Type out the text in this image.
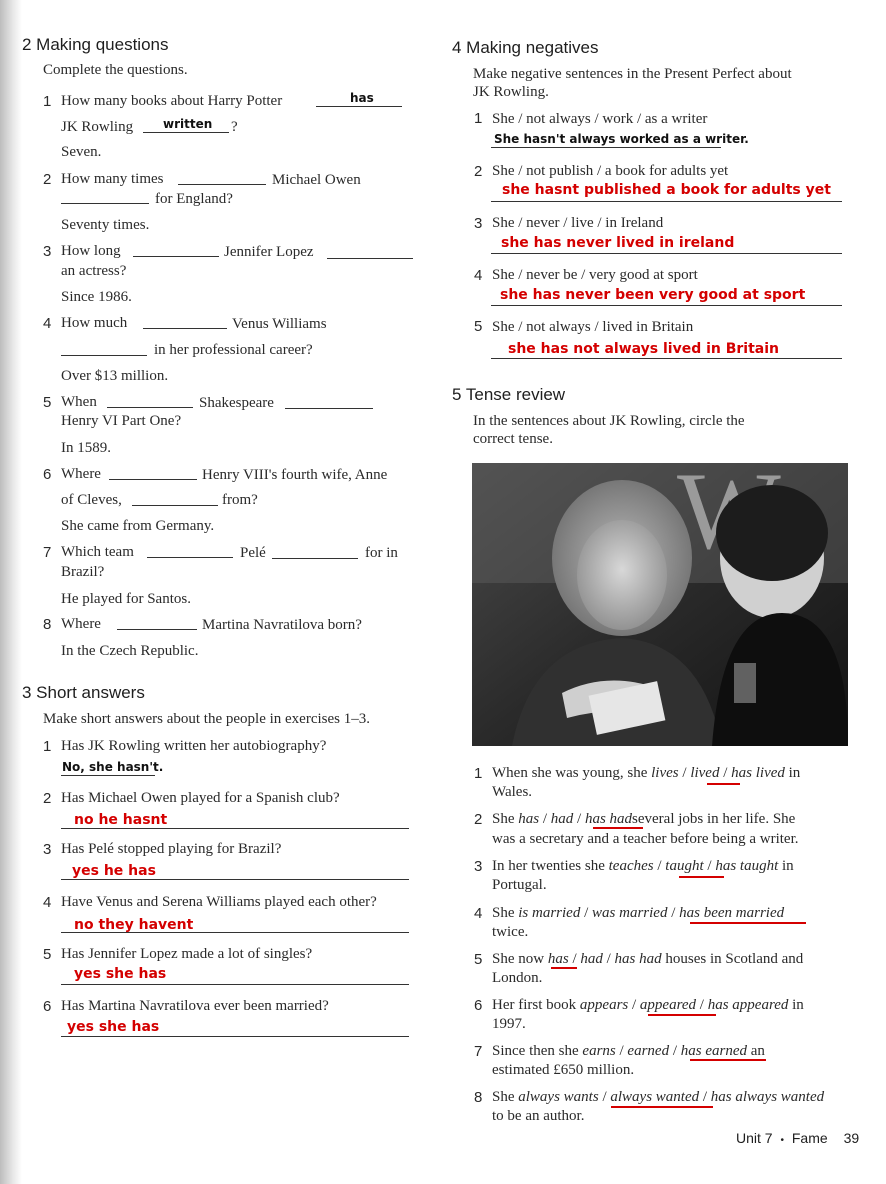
2 Making questions
Complete the questions.
1 How many books about Harry Potter	has
JK Rowling written ?
Seven.
2 How many times	Michael Owen
for England?
Seventy times.
3 How long	Jennifer Lopez
an actress?
Since 1986.
4 How much	Venus Williams
in her professional career?
Over $13 million.
5 When	Shakespeare
Henry VI Part One?
In 1589.
6 Where	Henry VIII's fourth wife, Anne
of Cleves,	from?
She came from Germany.
7 Which team	Pelé	for in
Brazil?
He played for Santos.
8 Where	Martina Navratilova born?
In the Czech Republic.
3 Short answers
Make short answers about the people in exercises 1–3.
1 Has JK Rowling written her autobiography?
No, she hasn't.
2 Has Michael Owen played for a Spanish club?
no he hasnt
3 Has Pelé stopped playing for Brazil?
yes he has
4 Have Venus and Serena Williams played each other?
no they havent
5 Has Jennifer Lopez made a lot of singles?
yes she has
6 Has Martina Navratilova ever been married?
yes she has
4 Making negatives
Make negative sentences in the Present Perfect about
JK Rowling.
1 She / not always / work / as a writer
She hasn't always worked as a writer.
2 She / not publish / a book for adults yet
she hasnt published a book for adults yet
3 She / never / live / in Ireland
she has never lived in ireland
4 She / never be / very good at sport
she has never been very good at sport
5 She / not always / lived in Britain
she has not always lived in Britain
5 Tense review
In the sentences about JK Rowling, circle the
correct tense.
1 When she was young, she lives / lived / has lived in
Wales.
2 She has / had / has hadseveral jobs in her life. She
was a secretary and a teacher before being a writer.
3 In her twenties she teaches / taught / has taught in
Portugal.
4 She is married / was married / has been married
twice.
5 She now has / had / has had houses in Scotland and
London.
6 Her first book appears / appeared / has appeared in
1997.
7 Since then she earns / earned / has earned an
estimated £650 million.
8 She always wants / always wanted / has always wanted
to be an author.
Unit 7 • Fame 39
